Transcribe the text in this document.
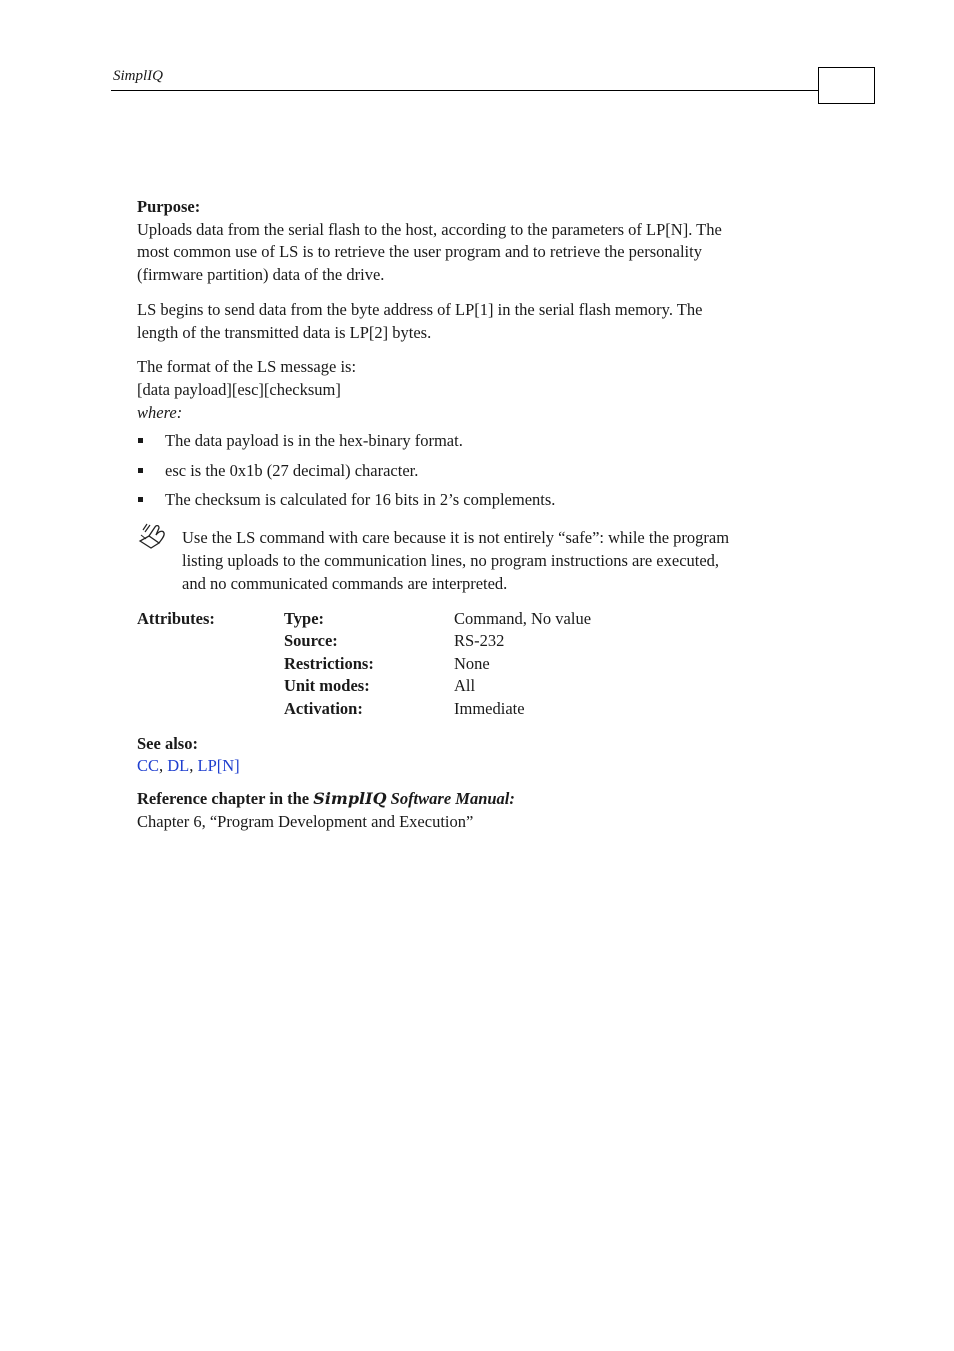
SimplIQ

Purpose:

Uploads data from the serial flash to the host, according to the parameters of LP[N]. The

most common use of LS is to retrieve the user program and to retrieve the personality

(firmware partition) data of the drive.

LS begins to send data from the byte address of LP[1] in the serial flash memory. The

length of the transmitted data is LP[2] bytes.

The format of the LS message is:

[data payload][esc][checksum]

where:

The data payload is in the hex-binary format.
esc is the 0x1b (27 decimal) character.
The checksum is calculated for 16 bits in 2’s complements.

Use the LS command with care because it is not entirely “safe”: while the program

listing uploads to the communication lines, no program instructions are executed,

and no communicated commands are interpreted.

Attributes:	Type:	Command, No value
Source:	RS-232
Restrictions:	None
Unit modes:	All
Activation:	Immediate

See also:

CC, DL, LP[N]

Reference chapter in the SimplIQ Software Manual:

Chapter 6, “Program Development and Execution”
